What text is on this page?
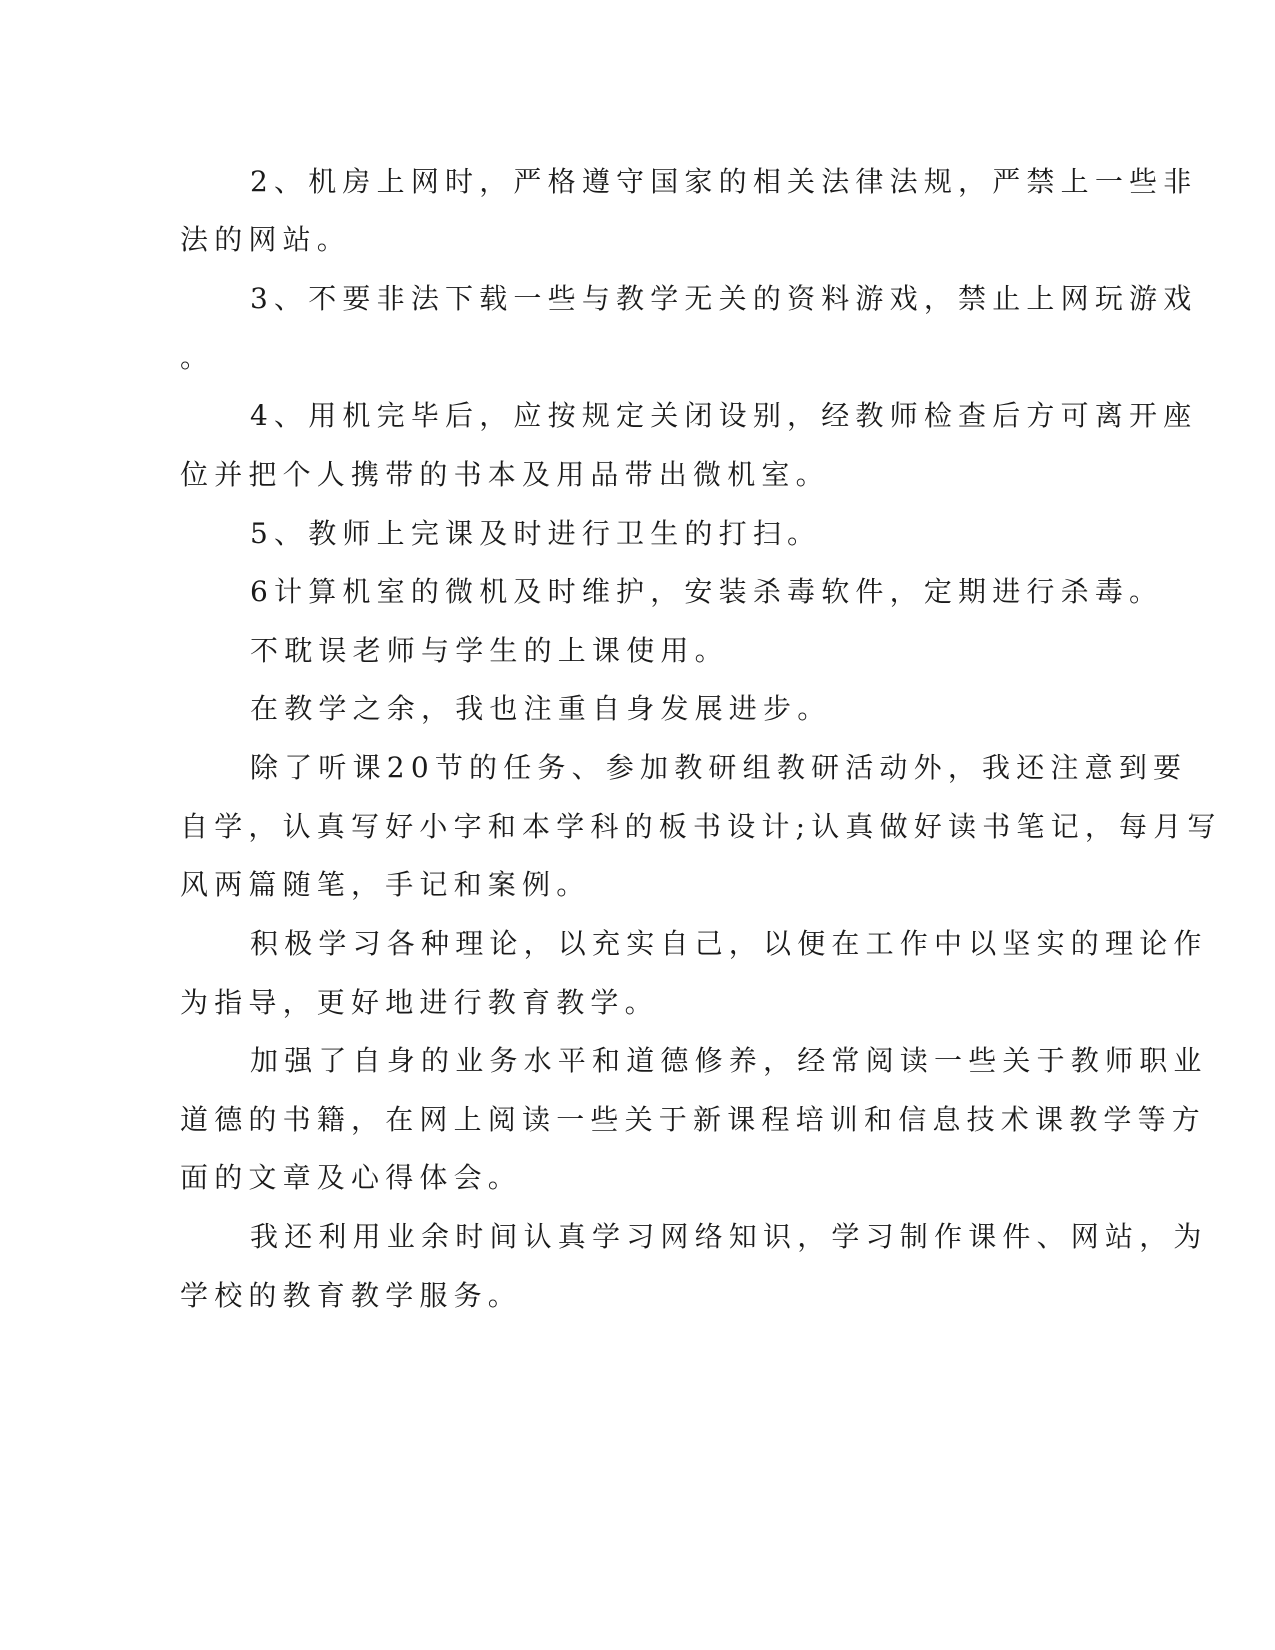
2、机房上网时，严格遵守国家的相关法律法规，严禁上一些非

法的网站。

3、不要非法下载一些与教学无关的资料游戏，禁止上网玩游戏

。

4、用机完毕后，应按规定关闭设别，经教师检查后方可离开座

位并把个人携带的书本及用品带出微机室。

5、教师上完课及时进行卫生的打扫。

6计算机室的微机及时维护，安装杀毒软件，定期进行杀毒。

不耽误老师与学生的上课使用。

在教学之余，我也注重自身发展进步。

除了听课20节的任务、参加教研组教研活动外，我还注意到要

自学，认真写好小字和本学科的板书设计;认真做好读书笔记，每月写

风两篇随笔，手记和案例。

积极学习各种理论，以充实自己，以便在工作中以坚实的理论作

为指导，更好地进行教育教学。

加强了自身的业务水平和道德修养，经常阅读一些关于教师职业

道德的书籍，在网上阅读一些关于新课程培训和信息技术课教学等方

面的文章及心得体会。

我还利用业余时间认真学习网络知识，学习制作课件、网站，为

学校的教育教学服务。
